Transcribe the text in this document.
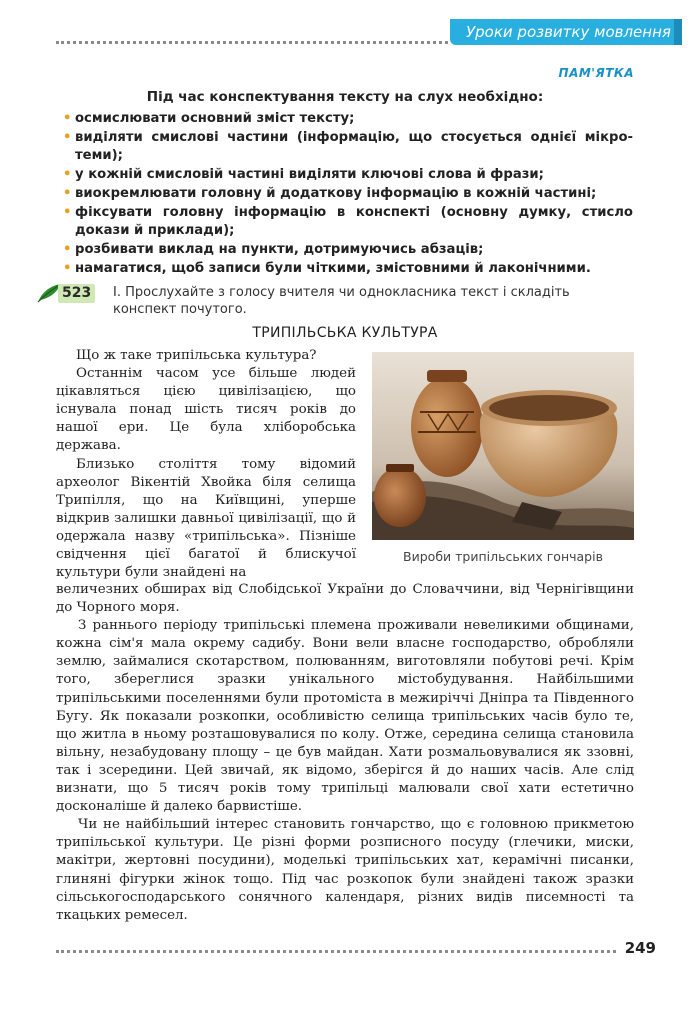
Уроки розвитку мовлення
ПАМ'ЯТКА
Під час конспектування тексту на слух необхідно:
• осмислювати основний зміст тексту;
• виділяти смислові частини (інформацію, що стосується однієї мікро-теми);
• у кожній смисловій частині виділяти ключові слова й фрази;
• виокремлювати головну й додаткову інформацію в кожній частині;
• фіксувати головну інформацію в конспекті (основну думку, стисло докази й приклади);
• розбивати виклад на пункти, дотримуючись абзаців;
• намагатися, щоб записи були чіткими, змістовними й лаконічними.
523	І. Прослухайте з голосу вчителя чи однокласника текст і складіть конспект почутого.
ТРИПІЛЬСЬКА КУЛЬТУРА

Що ж таке трипільська культура?

Останнім часом усе більше людей цікавляться цією цивілізацією, що існувала понад шість тисяч років до нашої ери. Це була хліборобська держава.

Близько століття тому відомий археолог Вікентій Хвойка біля селища Трипілля, що на Київщині, уперше відкрив залишки давньої цивілізації, що й одержала назву «трипільська». Пізніше свідчення цієї багатої й блискучої культури були знайдені на

Вироби трипільських гончарів

величезних обширах від Слобідської України до Словаччини, від Чернігівщини до Чорного моря.

З раннього періоду трипільські племена проживали невеликими общинами, кожна сім'я мала окрему садибу. Вони вели власне господарство, обробляли землю, займалися скотарством, полюванням, виготовляли побутові речі. Крім того, збереглися зразки унікального містобудування. Найбільшими трипільськими поселеннями були протоміста в межиріччі Дніпра та Південного Бугу. Як показали розкопки, особливістю селища трипільських часів було те, що житла в ньому розташовувалися по колу. Отже, середина селища становила вільну, незабудовану площу – це був майдан. Хати розмальовувалися як ззовні, так і зсередини. Цей звичай, як відомо, зберігся й до наших часів. Але слід визнати, що 5 тисяч років тому трипільці малювали свої хати естетично досконаліше й далеко барвистіше.

Чи не найбільший інтерес становить гончарство, що є головною прикметою трипільської культури. Це різні форми розписного посуду (глечики, миски, макітри, жертовні посудини), моделькі трипільських хат, керамічні писанки, глиняні фігурки жінок тощо. Під час розкопок були знайдені також зразки сільськогосподарського сонячного календаря, різних видів писемності та ткацьких ремесел.

249
